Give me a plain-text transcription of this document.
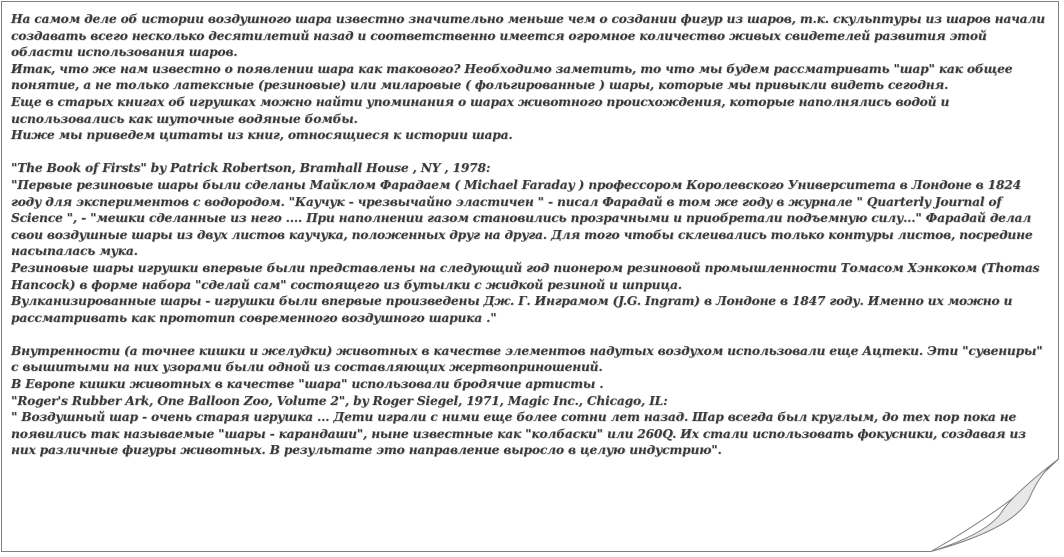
На самом деле об истории воздушного шара известно значительно меньше чем о создании фигур из шаров, т.к. скульптуры из шаров начали создавать всего несколько десятилетий назад и соответственно имеется огромное количество живых свидетелей развития этой области использования шаров.

Итак, что же нам известно о появлении шара как такового? Необходимо заметить, то что мы будем рассматривать "шар" как общее понятие, а не только латексные (резиновые) или миларовые ( фольгированные ) шары, которые мы привыкли видеть сегодня.

Еще в старых книгах об игрушках можно найти упоминания о шарах животного происхождения, которые наполнялись водой и использовались как шуточные водяные бомбы.

Ниже мы приведем цитаты из книг, относящиеся к истории шара.

"The Book of Firsts" by Patrick Robertson, Bramhall House , NY , 1978:

"Первые резиновые шары были сделаны Майклом Фарадаем ( Michael Faraday ) профессором Королевского Университета в Лондоне в 1824 году для экспериментов с водородом. "Каучук - чрезвычайно эластичен " - писал Фарадай в том же году в журнале " Quarterly Journal of Science ", - "мешки сделанные из него .... При наполнении газом становились прозрачными и приобретали подъемную силу..." Фарадай делал свои воздушные шары из двух листов каучука, положенных друг на друга. Для того чтобы склеивались только контуры листов, посредине насыпалась мука.

Резиновые шары игрушки впервые были представлены на следующий год пионером резиновой промышленности Томасом Хэнкоком (Thomas Hancock) в форме набора "сделай сам" состоящего из бутылки с жидкой резиной и шприца.

Вулканизированные шары - игрушки были впервые произведены Дж. Г. Инграмом (J.G. Ingram) в Лондоне в 1847 году. Именно их можно и рассматривать как прототип современного воздушного шарика ."

Внутренности (а точнее кишки и желудки) животных в качестве элементов надутых воздухом использовали еще Ацтеки. Эти "сувениры" с вышитыми на них узорами были одной из составляющих жертвоприношений.

В Европе кишки животных в качестве "шара" использовали бродячие артисты .

"Roger's Rubber Ark, One Balloon Zoo, Volume 2", by Roger Siegel, 1971, Magic Inc., Chicago, IL:

" Воздушный шар - очень старая игрушка ... Дети играли с ними еще более сотни лет назад. Шар всегда был круглым, до тех пор пока не появились так называемые "шары - карандаши", ныне известные как "колбаски" или 260Q. Их стали использовать фокусники, создавая из них различные фигуры животных. В результате это направление выросло в целую индустрию".
